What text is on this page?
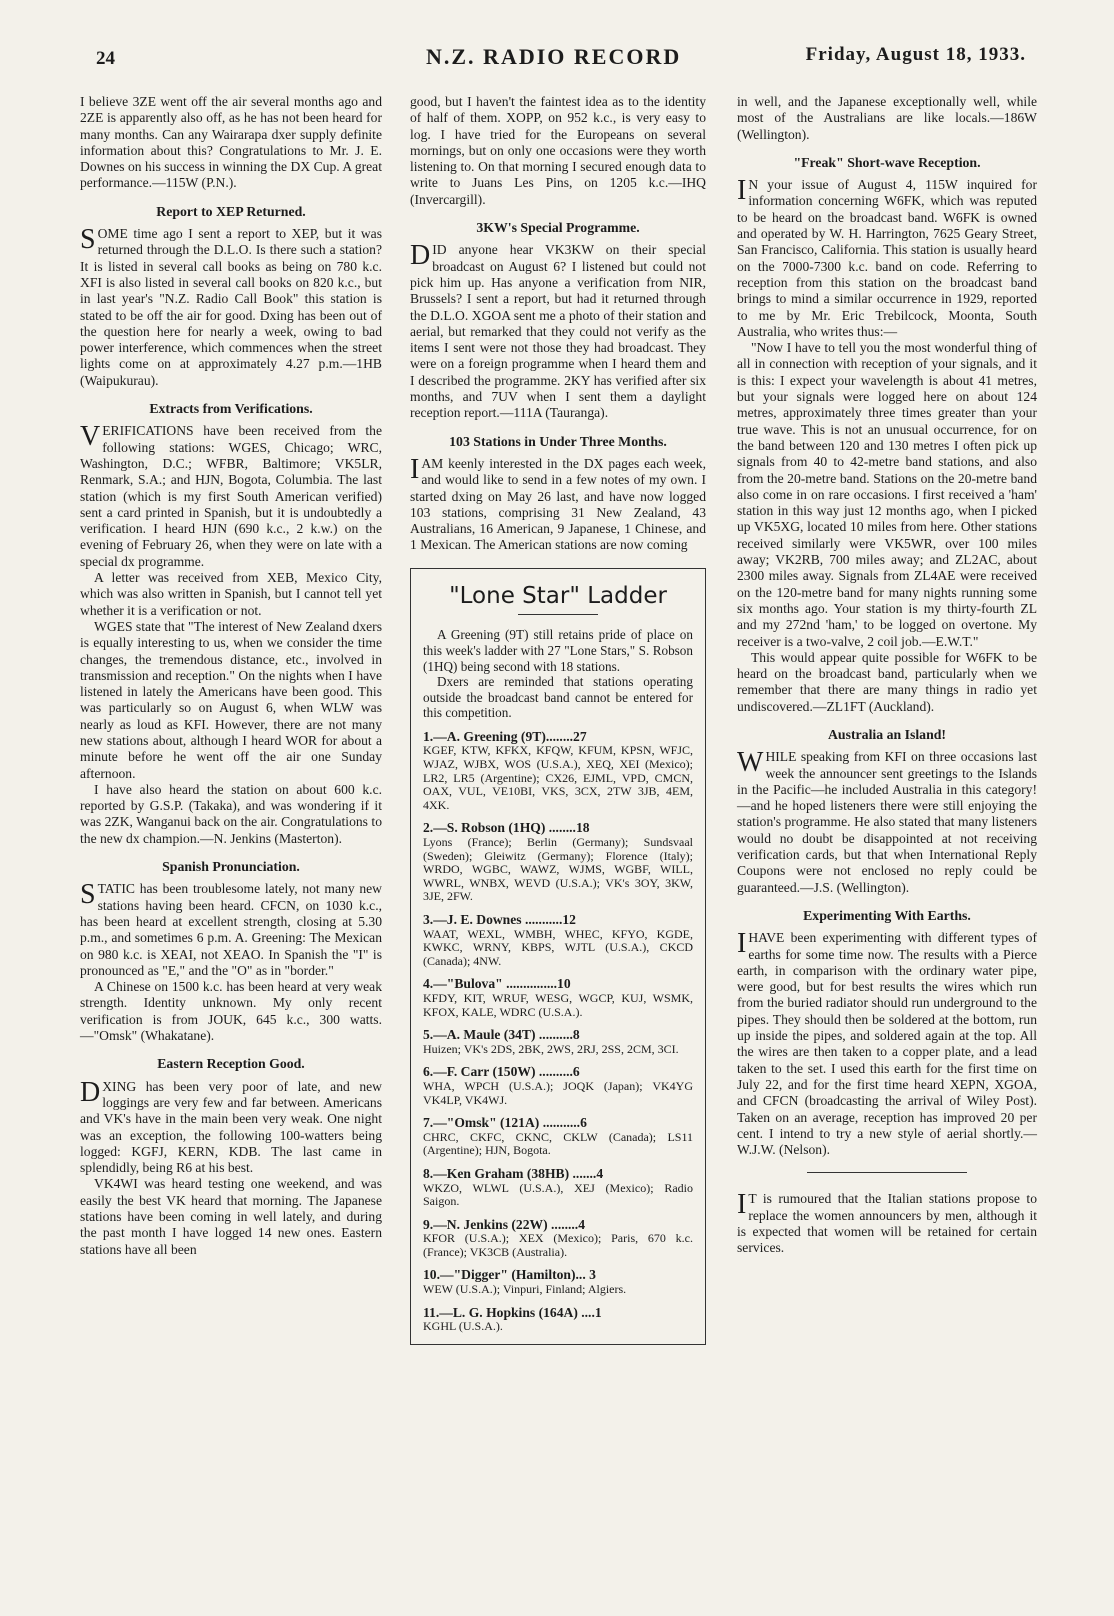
24	N.Z. RADIO RECORD	Friday, August 18, 1933.

I believe 3ZE went off the air several months ago and 2ZE is apparently also off, as he has not been heard for many months. Can any Wairarapa dxer supply definite information about this? Congratulations to Mr. J. E. Downes on his success in winning the DX Cup. A great performance.—115W (P.N.).

Report to XEP Returned.

SOME time ago I sent a report to XEP, but it was returned through the D.L.O. Is there such a station? It is listed in several call books as being on 780 k.c. XFI is also listed in several call books on 820 k.c., but in last year's "N.Z. Radio Call Book" this station is stated to be off the air for good. Dxing has been out of the question here for nearly a week, owing to bad power interference, which commences when the street lights come on at approximately 4.27 p.m.—1HB (Waipukurau).

Extracts from Verifications.

VERIFICATIONS have been received from the following stations: WGES, Chicago; WRC, Washington, D.C.; WFBR, Baltimore; VK5LR, Renmark, S.A.; and HJN, Bogota, Columbia. The last station (which is my first South American verified) sent a card printed in Spanish, but it is undoubtedly a verification. I heard HJN (690 k.c., 2 k.w.) on the evening of February 26, when they were on late with a special dx programme.

A letter was received from XEB, Mexico City, which was also written in Spanish, but I cannot tell yet whether it is a verification or not.

WGES state that "The interest of New Zealand dxers is equally interesting to us, when we consider the time changes, the tremendous distance, etc., involved in transmission and reception." On the nights when I have listened in lately the Americans have been good. This was particularly so on August 6, when WLW was nearly as loud as KFI. However, there are not many new stations about, although I heard WOR for about a minute before he went off the air one Sunday afternoon.

I have also heard the station on about 600 k.c. reported by G.S.P. (Takaka), and was wondering if it was 2ZK, Wanganui back on the air. Congratulations to the new dx champion.—N. Jenkins (Masterton).

Spanish Pronunciation.

STATIC has been troublesome lately, not many new stations having been heard. CFCN, on 1030 k.c., has been heard at excellent strength, closing at 5.30 p.m., and sometimes 6 p.m. A. Greening: The Mexican on 980 k.c. is XEAI, not XEAO. In Spanish the "I" is pronounced as "E," and the "O" as in "border."

A Chinese on 1500 k.c. has been heard at very weak strength. Identity unknown. My only recent verification is from JOUK, 645 k.c., 300 watts.—"Omsk" (Whakatane).

Eastern Reception Good.

DXING has been very poor of late, and new loggings are very few and far between. Americans and VK's have in the main been very weak. One night was an exception, the following 100-watters being logged: KGFJ, KERN, KDB. The last came in splendidly, being R6 at his best.

VK4WI was heard testing one weekend, and was easily the best VK heard that morning. The Japanese stations have been coming in well lately, and during the past month I have logged 14 new ones. Eastern stations have all been

good, but I haven't the faintest idea as to the identity of half of them. XOPP, on 952 k.c., is very easy to log. I have tried for the Europeans on several mornings, but on only one occasions were they worth listening to. On that morning I secured enough data to write to Juans Les Pins, on 1205 k.c.—IHQ (Invercargill).

3KW's Special Programme.

DID anyone hear VK3KW on their special broadcast on August 6? I listened but could not pick him up. Has anyone a verification from NIR, Brussels? I sent a report, but had it returned through the D.L.O. XGOA sent me a photo of their station and aerial, but remarked that they could not verify as the items I sent were not those they had broadcast. They were on a foreign programme when I heard them and I described the programme. 2KY has verified after six months, and 7UV when I sent them a daylight reception report.—111A (Tauranga).

103 Stations in Under Three Months.

IAM keenly interested in the DX pages each week, and would like to send in a few notes of my own. I started dxing on May 26 last, and have now logged 103 stations, comprising 31 New Zealand, 43 Australians, 16 American, 9 Japanese, 1 Chinese, and 1 Mexican. The American stations are now coming

"Lone Star" Ladder

A Greening (9T) still retains pride of place on this week's ladder with 27 "Lone Stars," S. Robson (1HQ) being second with 18 stations.

Dxers are reminded that stations operating outside the broadcast band cannot be entered for this competition.

1.—A. Greening (9T)........27
KGEF, KTW, KFKX, KFQW, KFUM, KPSN, WFJC, WJAZ, WJBX, WOS (U.S.A.), XEQ, XEI (Mexico); LR2, LR5 (Argentine); CX26, EJML, VPD, CMCN, OAX, VUL, VE10BI, VKS, 3CX, 2TW 3JB, 4EM, 4XK.
2.—S. Robson (1HQ) ........18
Lyons (France); Berlin (Germany); Sundsvaal (Sweden); Gleiwitz (Germany); Florence (Italy); WRDO, WGBC, WAWZ, WJMS, WGBF, WILL, WWRL, WNBX, WEVD (U.S.A.); VK's 3OY, 3KW, 3JE, 2FW.
3.—J. E. Downes ...........12
WAAT, WEXL, WMBH, WHEC, KFYO, KGDE, KWKC, WRNY, KBPS, WJTL (U.S.A.), CKCD (Canada); 4NW.
4.—"Bulova" ...............10
KFDY, KIT, WRUF, WESG, WGCP, KUJ, WSMK, KFOX, KALE, WDRC (U.S.A.).
5.—A. Maule (34T) ..........8
Huizen; VK's 2DS, 2BK, 2WS, 2RJ, 2SS, 2CM, 3CI.
6.—F. Carr (150W) ..........6
WHA, WPCH (U.S.A.); JOQK (Japan); VK4YG VK4LP, VK4WJ.
7.—"Omsk" (121A) ...........6
CHRC, CKFC, CKNC, CKLW (Canada); LS11 (Argentine); HJN, Bogota.
8.—Ken Graham (38HB) .......4
WKZO, WLWL (U.S.A.), XEJ (Mexico); Radio Saigon.
9.—N. Jenkins (22W) ........4
KFOR (U.S.A.); XEX (Mexico); Paris, 670 k.c. (France); VK3CB (Australia).
10.—"Digger" (Hamilton)... 3
WEW (U.S.A.); Vinpuri, Finland; Algiers.
11.—L. G. Hopkins (164A) ....1
KGHL (U.S.A.).

in well, and the Japanese exceptionally well, while most of the Australians are like locals.—186W (Wellington).

"Freak" Short-wave Reception.

IN your issue of August 4, 115W inquired for information concerning W6FK, which was reputed to be heard on the broadcast band. W6FK is owned and operated by W. H. Harrington, 7625 Geary Street, San Francisco, California. This station is usually heard on the 7000-7300 k.c. band on code. Referring to reception from this station on the broadcast band brings to mind a similar occurrence in 1929, reported to me by Mr. Eric Trebilcock, Moonta, South Australia, who writes thus:—

"Now I have to tell you the most wonderful thing of all in connection with reception of your signals, and it is this: I expect your wavelength is about 41 metres, but your signals were logged here on about 124 metres, approximately three times greater than your true wave. This is not an unusual occurrence, for on the band between 120 and 130 metres I often pick up signals from 40 to 42-metre band stations, and also from the 20-metre band. Stations on the 20-metre band also come in on rare occasions. I first received a 'ham' station in this way just 12 months ago, when I picked up VK5XG, located 10 miles from here. Other stations received similarly were VK5WR, over 100 miles away; VK2RB, 700 miles away; and ZL2AC, about 2300 miles away. Signals from ZL4AE were received on the 120-metre band for many nights running some six months ago. Your station is my thirty-fourth ZL and my 272nd 'ham,' to be logged on overtone. My receiver is a two-valve, 2 coil job.—E.W.T."

This would appear quite possible for W6FK to be heard on the broadcast band, particularly when we remember that there are many things in radio yet undiscovered.—ZL1FT (Auckland).

Australia an Island!

WHILE speaking from KFI on three occasions last week the announcer sent greetings to the Islands in the Pacific—he included Australia in this category!—and he hoped listeners there were still enjoying the station's programme. He also stated that many listeners would no doubt be disappointed at not receiving verification cards, but that when International Reply Coupons were not enclosed no reply could be guaranteed.—J.S. (Wellington).

Experimenting With Earths.

IHAVE been experimenting with different types of earths for some time now. The results with a Pierce earth, in comparison with the ordinary water pipe, were good, but for best results the wires which run from the buried radiator should run underground to the pipes. They should then be soldered at the bottom, run up inside the pipes, and soldered again at the top. All the wires are then taken to a copper plate, and a lead taken to the set. I used this earth for the first time on July 22, and for the first time heard XEPN, XGOA, and CFCN (broadcasting the arrival of Wiley Post). Taken on an average, reception has improved 20 per cent. I intend to try a new style of aerial shortly.—W.J.W. (Nelson).

IT is rumoured that the Italian stations propose to replace the women announcers by men, although it is expected that women will be retained for certain services.
